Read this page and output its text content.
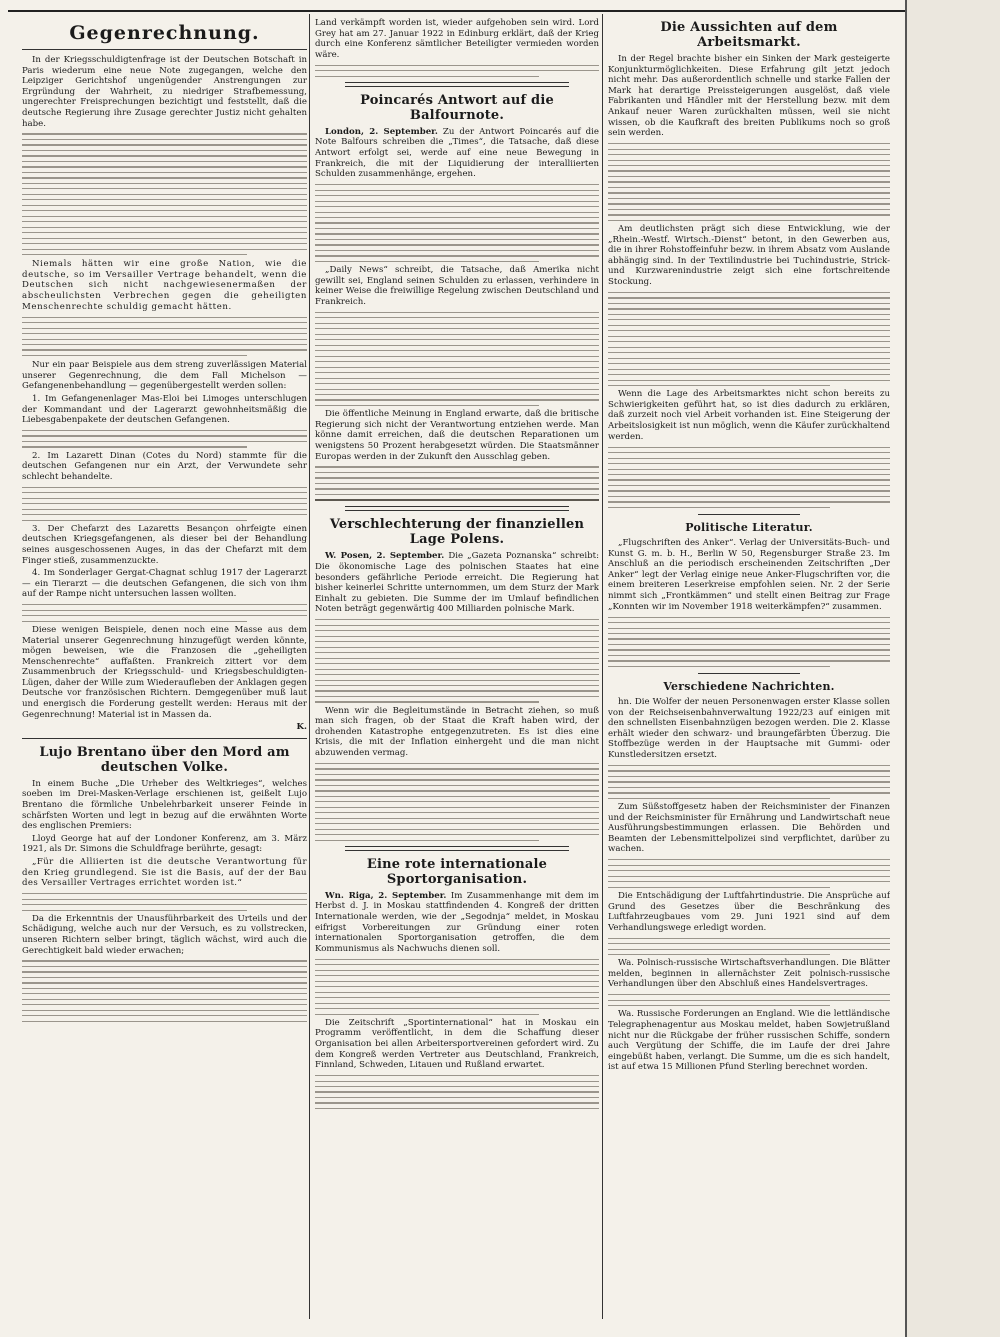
Gegenrechnung.

In der Kriegsschuldigtenfrage ist der Deutschen Botschaft in Paris wiederum eine neue Note zugegangen, welche den Leipziger Gerichtshof ungenügender Anstrengungen zur Ergründung der Wahrheit, zu niedriger Strafbemessung, ungerechter Freisprechungen bezichtigt und feststellt, daß die deutsche Regierung ihre Zusage gerechter Justiz nicht gehalten habe.

Niemals hätten wir eine große Nation, wie die deutsche, so im Versailler Vertrage behandelt, wenn die Deutschen sich nicht nachgewiesenermaßen der abscheulichsten Verbrechen gegen die geheiligten Menschenrechte schuldig gemacht hätten.

Nur ein paar Beispiele aus dem streng zuverlässigen Material unserer Gegenrechnung, die dem Fall Michelson — Gefangenenbehandlung — gegenübergestellt werden sollen:

1. Im Gefangenenlager Mas-Eloi bei Limoges unterschlugen der Kommandant und der Lagerarzt gewohnheitsmäßig die Liebesgabenpakete der deutschen Gefangenen.

2. Im Lazarett Dinan (Cotes du Nord) stammte für die deutschen Gefangenen nur ein Arzt, der Verwundete sehr schlecht behandelte.

3. Der Chefarzt des Lazaretts Besançon ohrfeigte einen deutschen Kriegsgefangenen, als dieser bei der Behandlung seines ausgeschossenen Auges, in das der Chefarzt mit dem Finger stieß, zusammenzuckte.

4. Im Sonderlager Gergat-Chagnat schlug 1917 der Lagerarzt — ein Tierarzt — die deutschen Gefangenen, die sich von ihm auf der Rampe nicht untersuchen lassen wollten.

Diese wenigen Beispiele, denen noch eine Masse aus dem Material unserer Gegenrechnung hinzugefügt werden könnte, mögen beweisen, wie die Franzosen die „geheiligten Menschenrechte“ auffaßten. Frankreich zittert vor dem Zusammenbruch der Kriegsschuld- und Kriegsbeschuldigten-Lügen, daher der Wille zum Wiederaufleben der Anklagen gegen Deutsche vor französischen Richtern. Demgegenüber muß laut und energisch die Forderung gestellt werden: Heraus mit der Gegenrechnung! Material ist in Massen da.

K.

Lujo Brentano über den Mord am deutschen Volke.

In einem Buche „Die Urheber des Weltkrieges“, welches soeben im Drei-Masken-Verlage erschienen ist, geißelt Lujo Brentano die förmliche Unbelehrbarkeit unserer Feinde in schärfsten Worten und legt in bezug auf die erwähnten Worte des englischen Premiers:

Lloyd George hat auf der Londoner Konferenz, am 3. März 1921, als Dr. Simons die Schuldfrage berührte, gesagt:

„Für die Alliierten ist die deutsche Verantwortung für den Krieg grundlegend. Sie ist die Basis, auf der der Bau des Versailler Vertrages errichtet worden ist.“

Da die Erkenntnis der Unausführbarkeit des Urteils und der Schädigung, welche auch nur der Versuch, es zu vollstrecken, unseren Richtern selber bringt, täglich wächst, wird auch die Gerechtigkeit bald wieder erwachen;

Land verkämpft worden ist, wieder aufgehoben sein wird. Lord Grey hat am 27. Januar 1922 in Edinburg erklärt, daß der Krieg durch eine Konferenz sämtlicher Beteiligter vermieden worden wäre.

Poincarés Antwort auf die Balfournote.

London, 2. September. Zu der Antwort Poincarés auf die Note Balfours schreiben die „Times“, die Tatsache, daß diese Antwort erfolgt sei, werde auf eine neue Bewegung in Frankreich, die mit der Liquidierung der interalliierten Schulden zusammenhänge, ergehen.

„Daily News“ schreibt, die Tatsache, daß Amerika nicht gewillt sei, England seinen Schulden zu erlassen, verhindere in keiner Weise die freiwillige Regelung zwischen Deutschland und Frankreich.

Die öffentliche Meinung in England erwarte, daß die britische Regierung sich nicht der Verantwortung entziehen werde. Man könne damit erreichen, daß die deutschen Reparationen um wenigstens 50 Prozent herabgesetzt würden. Die Staatsmänner Europas werden in der Zukunft den Ausschlag geben.

Verschlechterung der finanziellen Lage Polens.

W. Posen, 2. September. Die „Gazeta Poznanska“ schreibt: Die ökonomische Lage des polnischen Staates hat eine besonders gefährliche Periode erreicht. Die Regierung hat bisher keinerlei Schritte unternommen, um dem Sturz der Mark Einhalt zu gebieten. Die Summe der im Umlauf befindlichen Noten beträgt gegenwärtig 400 Milliarden polnische Mark.

Wenn wir die Begleitumstände in Betracht ziehen, so muß man sich fragen, ob der Staat die Kraft haben wird, der drohenden Katastrophe entgegenzutreten. Es ist dies eine Krisis, die mit der Inflation einhergeht und die man nicht abzuwenden vermag.

Eine rote internationale Sportorganisation.

Wn. Riga, 2. September. Im Zusammenhange mit dem im Herbst d. J. in Moskau stattfindenden 4. Kongreß der dritten Internationale werden, wie der „Segodnja“ meldet, in Moskau eifrigst Vorbereitungen zur Gründung einer roten internationalen Sportorganisation getroffen, die dem Kommunismus als Nachwuchs dienen soll.

Die Zeitschrift „Sportinternational“ hat in Moskau ein Programm veröffentlicht, in dem die Schaffung dieser Organisation bei allen Arbeitersportvereinen gefordert wird. Zu dem Kongreß werden Vertreter aus Deutschland, Frankreich, Finnland, Schweden, Litauen und Rußland erwartet.

Die Aussichten auf dem Arbeitsmarkt.

In der Regel brachte bisher ein Sinken der Mark gesteigerte Konjunkturmöglichkeiten. Diese Erfahrung gilt jetzt jedoch nicht mehr. Das außerordentlich schnelle und starke Fallen der Mark hat derartige Preissteigerungen ausgelöst, daß viele Fabrikanten und Händler mit der Herstellung bezw. mit dem Ankauf neuer Waren zurückhalten müssen, weil sie nicht wissen, ob die Kaufkraft des breiten Publikums noch so groß sein werden.

Am deutlichsten prägt sich diese Entwicklung, wie der „Rhein.-Westf. Wirtsch.-Dienst“ betont, in den Gewerben aus, die in ihrer Rohstoffeinfuhr bezw. in ihrem Absatz vom Auslande abhängig sind. In der Textilindustrie bei Tuchindustrie, Strick- und Kurzwarenindustrie zeigt sich eine fortschreitende Stockung.

Wenn die Lage des Arbeitsmarktes nicht schon bereits zu Schwierigkeiten geführt hat, so ist dies dadurch zu erklären, daß zurzeit noch viel Arbeit vorhanden ist. Eine Steigerung der Arbeitslosigkeit ist nun möglich, wenn die Käufer zurückhaltend werden.

Politische Literatur.

„Flugschriften des Anker“. Verlag der Universitäts-Buch- und Kunst G. m. b. H., Berlin W 50, Regensburger Straße 23. Im Anschluß an die periodisch erscheinenden Zeitschriften „Der Anker“ legt der Verlag einige neue Anker-Flugschriften vor, die einem breiteren Leserkreise empfohlen seien. Nr. 2 der Serie nimmt sich „Frontkämmen“ und stellt einen Beitrag zur Frage „Konnten wir im November 1918 weiterkämpfen?“ zusammen.

Verschiedene Nachrichten.

hn. Die Wolfer der neuen Personenwagen erster Klasse sollen von der Reichseisenbahnverwaltung 1922/23 auf einigen mit den schnellsten Eisenbahnzügen bezogen werden. Die 2. Klasse erhält wieder den schwarz- und braungefärbten Überzug. Die Stoffbezüge werden in der Hauptsache mit Gummi- oder Kunstledersitzen ersetzt.

Zum Süßstoffgesetz haben der Reichsminister der Finanzen und der Reichsminister für Ernährung und Landwirtschaft neue Ausführungsbestimmungen erlassen. Die Behörden und Beamten der Lebensmittelpolizei sind verpflichtet, darüber zu wachen.

Die Entschädigung der Luftfahrtindustrie. Die Ansprüche auf Grund des Gesetzes über die Beschränkung des Luftfahrzeugbaues vom 29. Juni 1921 sind auf dem Verhandlungswege erledigt worden.

Wa. Polnisch-russische Wirtschaftsverhandlungen. Die Blätter melden, beginnen in allernächster Zeit polnisch-russische Verhandlungen über den Abschluß eines Handelsvertrages.

Wa. Russische Forderungen an England. Wie die lettländische Telegraphenagentur aus Moskau meldet, haben Sowjetrußland nicht nur die Rückgabe der früher russischen Schiffe, sondern auch Vergütung der Schiffe, die im Laufe der drei Jahre eingebüßt haben, verlangt. Die Summe, um die es sich handelt, ist auf etwa 15 Millionen Pfund Sterling berechnet worden.
